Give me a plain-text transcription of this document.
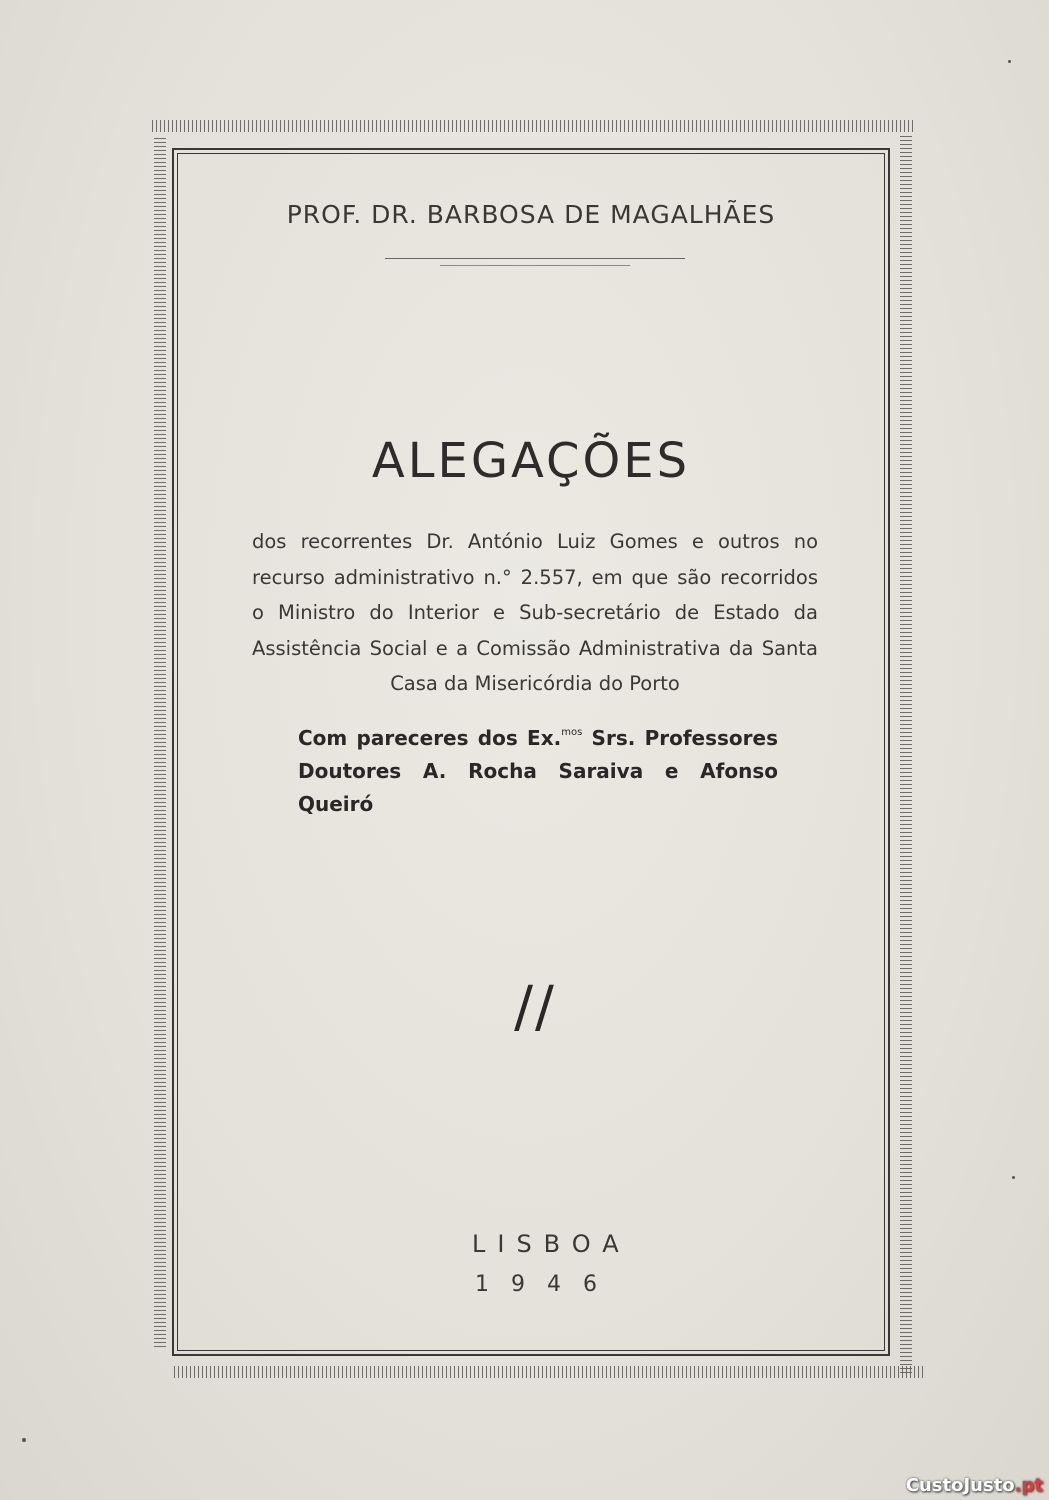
PROF. DR. BARBOSA DE MAGALHÃES
ALEGAÇÕES
dos recorrentes Dr. António Luiz Gomes e outros no
recurso administrativo n.° 2.557, em que são recorridos
o Ministro do Interior e Sub-secretário de Estado da
Assistência Social e a Comissão Administrativa da Santa
Casa da Misericórdia do Porto
Com pareceres dos Ex.$^{mos}$ Srs. Professores
Doutores A. Rocha Saraiva e Afonso Queiró
//
LISBOA
1946
CustoJusto.pt
